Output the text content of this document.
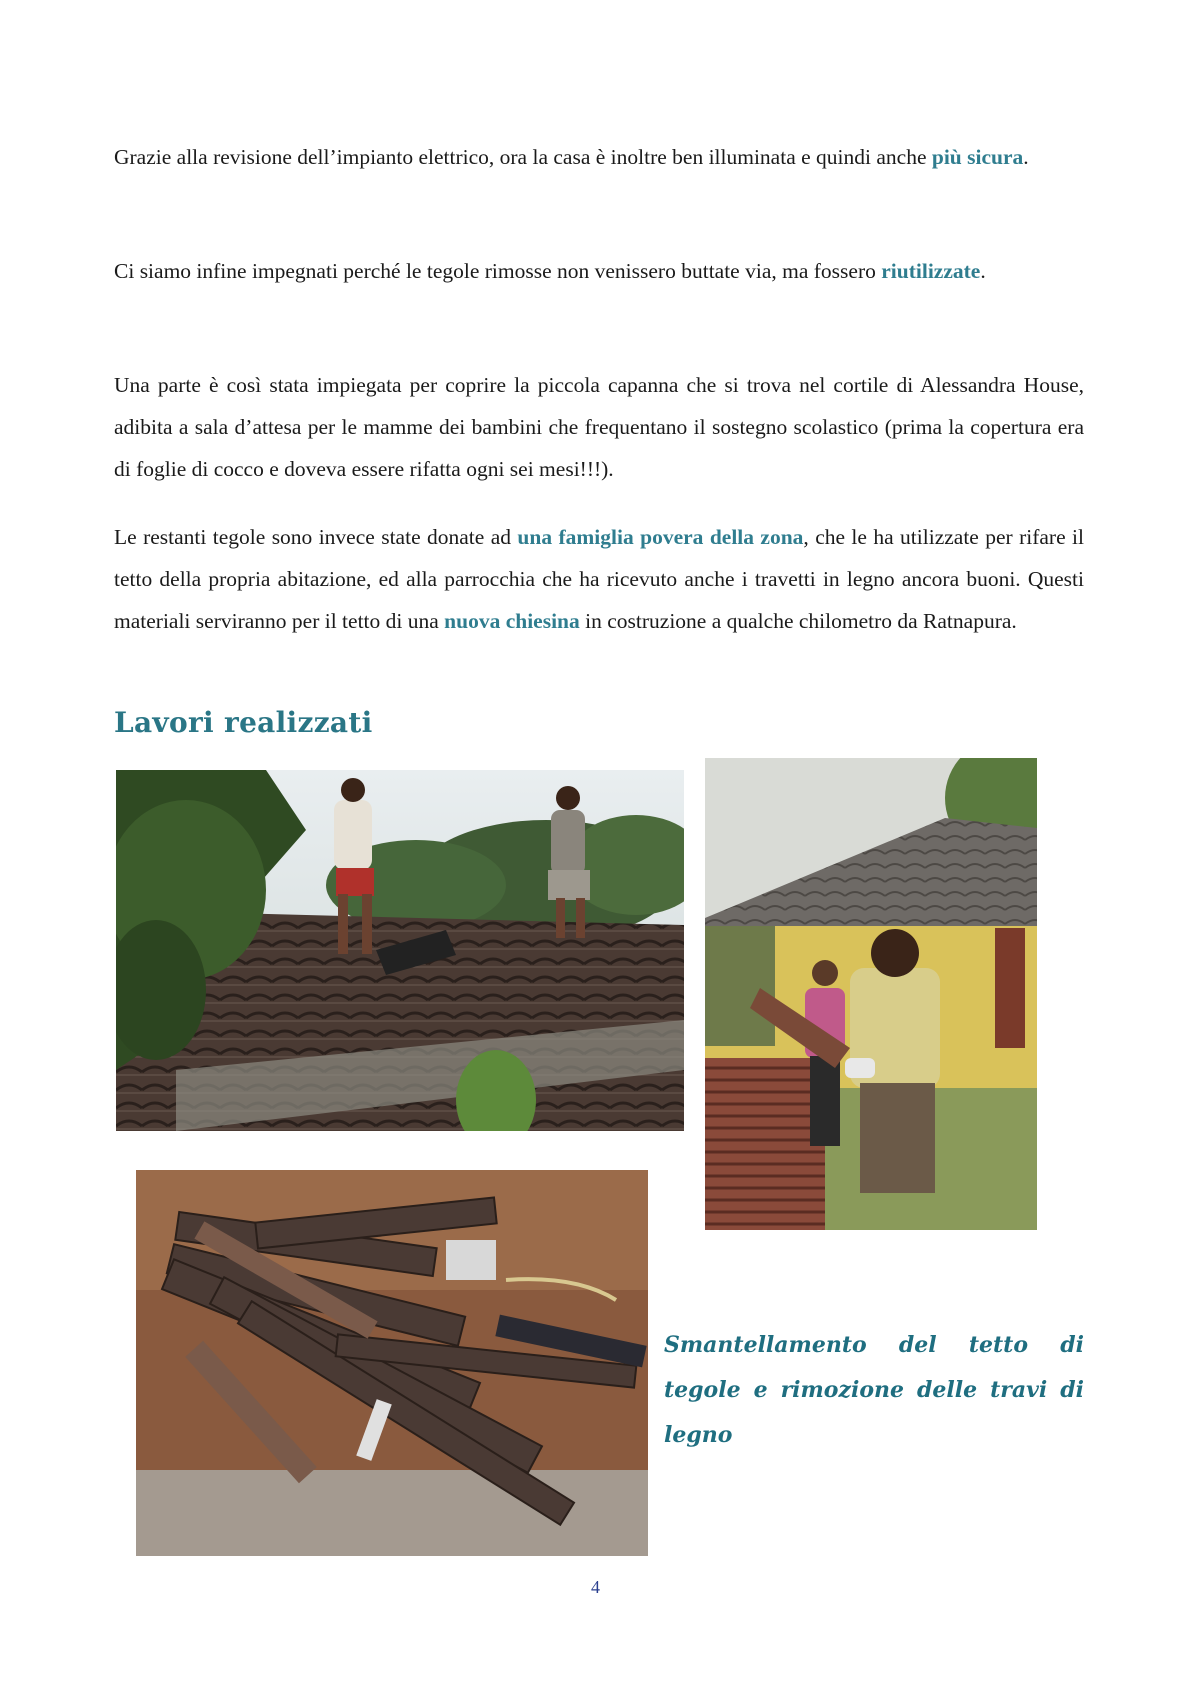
Grazie alla revisione dell’impianto elettrico, ora la casa è inoltre ben illuminata e quindi anche più sicura.

Ci siamo infine impegnati perché le tegole rimosse non venissero buttate via, ma fossero riutilizzate.

Una parte è così stata impiegata per coprire la piccola capanna che si trova nel cortile di Alessandra House, adibita a sala d’attesa per le mamme dei bambini che frequentano il sostegno scolastico (prima la copertura era di foglie di cocco e doveva essere rifatta ogni sei mesi!!!).

Le restanti tegole sono invece state donate ad una famiglia povera della zona, che le ha utilizzate per rifare il tetto della propria abitazione, ed alla parrocchia che ha ricevuto anche i travetti in legno ancora buoni. Questi materiali serviranno per il tetto di una nuova chiesina in costruzione a qualche chilometro da Ratnapura.

Lavori realizzati

Smantellamento del tetto di tegole e rimozione delle travi di legno

4
